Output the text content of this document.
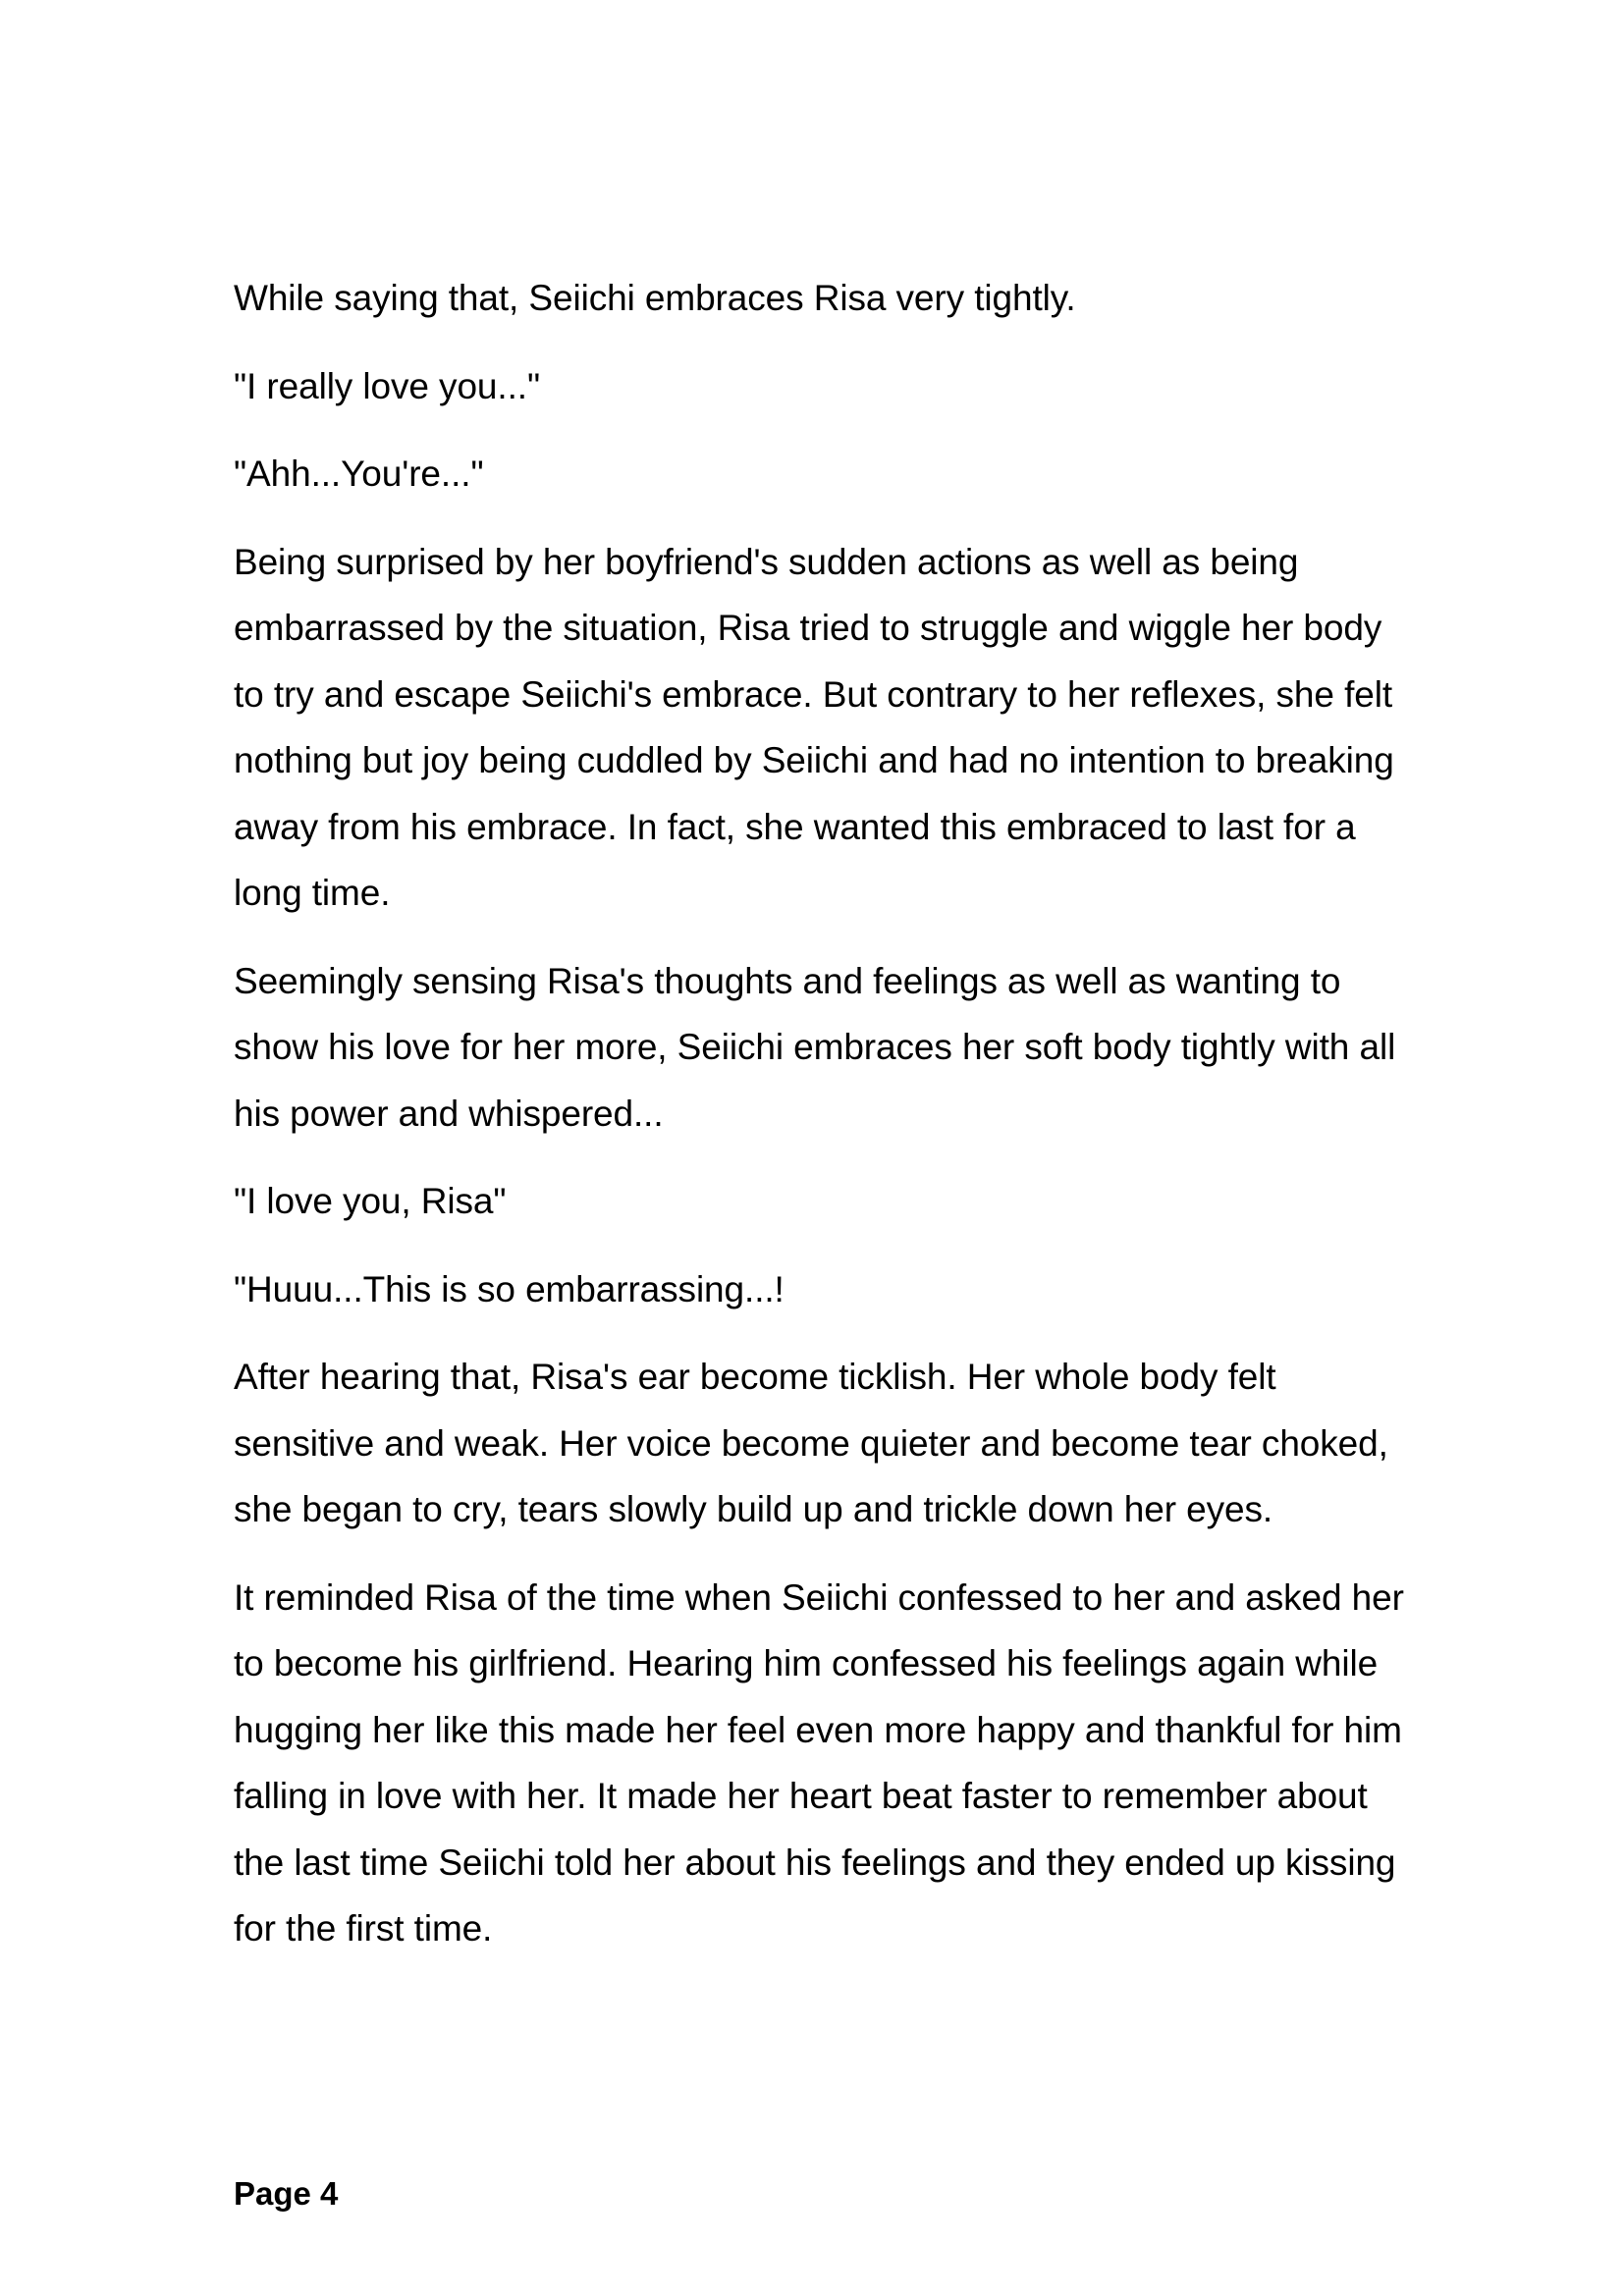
While saying that, Seiichi embraces Risa very tightly.

"I really love you..."

"Ahh...You're..."

Being surprised by her boyfriend's sudden actions as well as being embarrassed by the situation, Risa tried to struggle and wiggle her body to try and escape Seiichi's embrace. But contrary to her reflexes, she felt nothing but joy being cuddled by Seiichi and had no intention to breaking away from his embrace. In fact, she wanted this embraced to last for a long time.

Seemingly sensing Risa's thoughts and feelings as well as wanting to show his love for her more, Seiichi embraces her soft body tightly with all his power and whispered...

"I love you, Risa"

"Huuu...This is so embarrassing...!

After hearing that, Risa's ear become ticklish. Her whole body felt sensitive and weak. Her voice become quieter and become tear choked, she began to cry, tears slowly build up and trickle down her eyes.

It reminded Risa of the time when Seiichi confessed to her and asked her to become his girlfriend. Hearing him confessed his feelings again while hugging her like this made her feel even more happy and thankful for him falling in love with her. It made her heart beat faster to remember about the last time Seiichi told her about his feelings and they ended up kissing for the first time.

Page 4
